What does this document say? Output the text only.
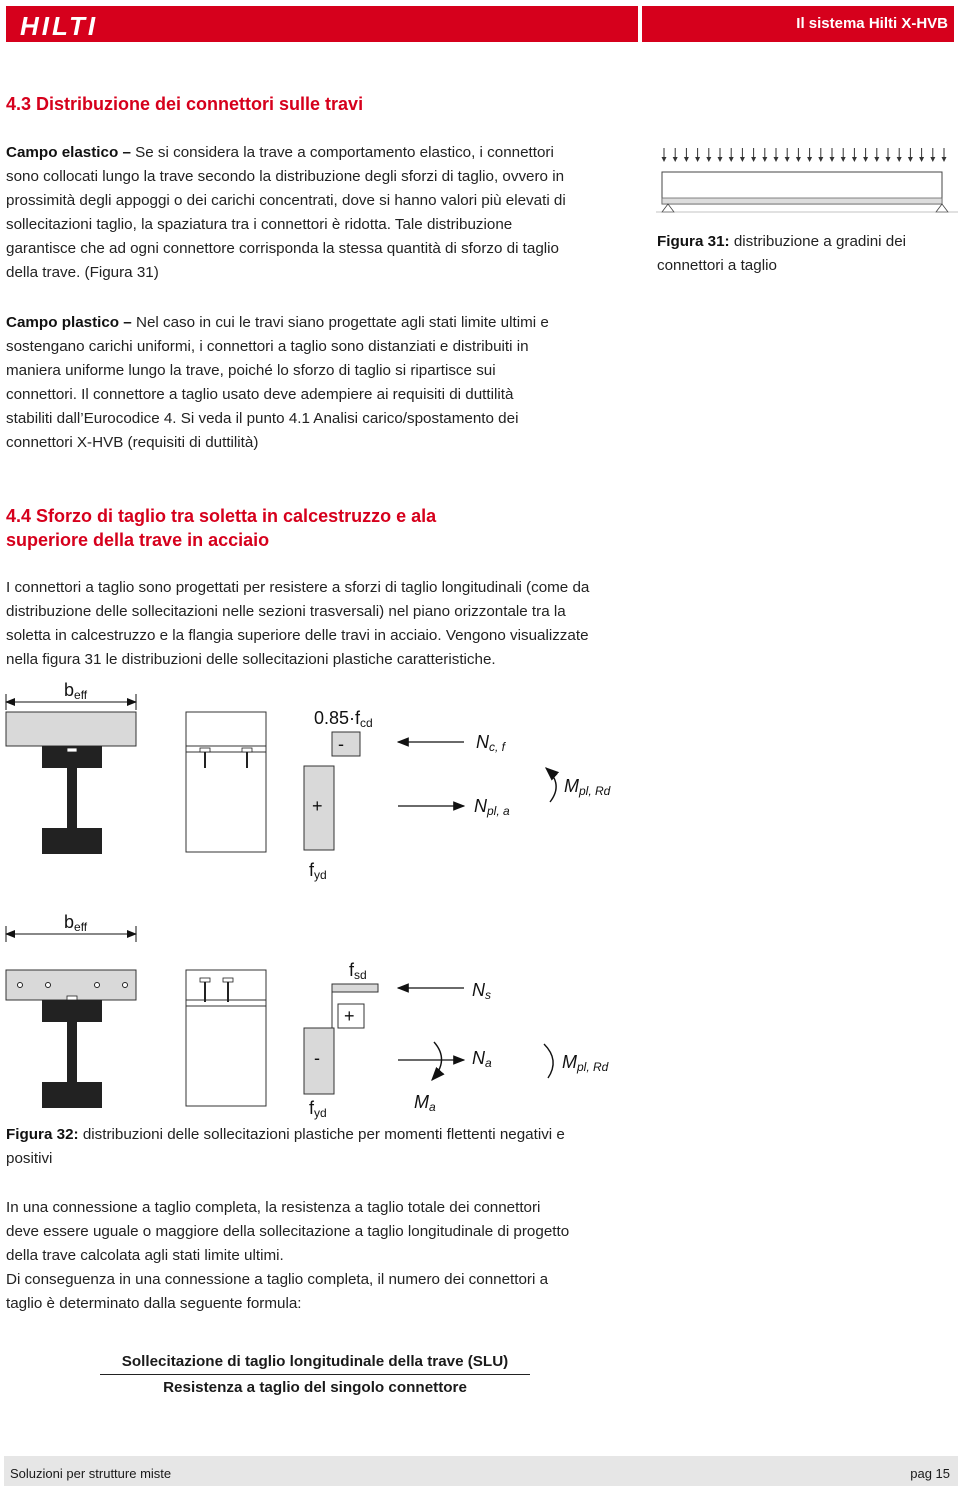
HILTI	Il sistema Hilti X-HVB
4.3 Distribuzione dei connettori sulle travi
Campo elastico – Se si considera la trave a comportamento elastico, i connettori
sono collocati lungo la trave secondo la distribuzione degli sforzi di taglio, ovvero in
prossimità degli appoggi o dei carichi concentrati, dove si hanno valori più elevati di
sollecitazioni taglio, la spaziatura tra i connettori è ridotta. Tale distribuzione
garantisce che ad ogni connettore corrisponda la stessa quantità di sforzo di taglio
della trave. (Figura 31)
Figura 31: distribuzione a gradini dei
connettori a taglio
Campo plastico – Nel caso in cui le travi siano progettate agli stati limite ultimi e
sostengano carichi uniformi, i connettori a taglio sono distanziati e distribuiti in
maniera uniforme lungo la trave, poiché lo sforzo di taglio si ripartisce sui
connettori. Il connettore a taglio usato deve adempiere ai requisiti di duttilità
stabiliti dall’Eurocodice 4. Si veda il punto 4.1 Analisi carico/spostamento dei
connettori X-HVB (requisiti di duttilità)
4.4 Sforzo di taglio tra soletta in calcestruzzo e ala
superiore della trave in acciaio
I connettori a taglio sono progettati per resistere a sforzi di taglio longitudinali (come da
distribuzione delle sollecitazioni nelle sezioni trasversali) nel piano orizzontale tra la
soletta in calcestruzzo e la flangia superiore delle travi in acciaio. Vengono visualizzate
nella figura 31 le distribuzioni delle sollecitazioni plastiche caratteristiche.
beff
0.85·fcd
-
+
fyd
Nc, f
Npl, a
Mpl, Rd
beff
fsd
+
-
fyd
Ns
Na
Ma
Mpl, Rd
Figura 32: distribuzioni delle sollecitazioni plastiche per momenti flettenti negativi e
positivi
In una connessione a taglio completa, la resistenza a taglio totale dei connettori
deve essere uguale o maggiore della sollecitazione a taglio longitudinale di progetto
della trave calcolata agli stati limite ultimi.
Di conseguenza in una connessione a taglio completa, il numero dei connettori a
taglio è determinato dalla seguente formula:
Sollecitazione di taglio longitudinale della trave (SLU)
Resistenza a taglio del singolo connettore
Soluzioni per strutture miste	pag 15
